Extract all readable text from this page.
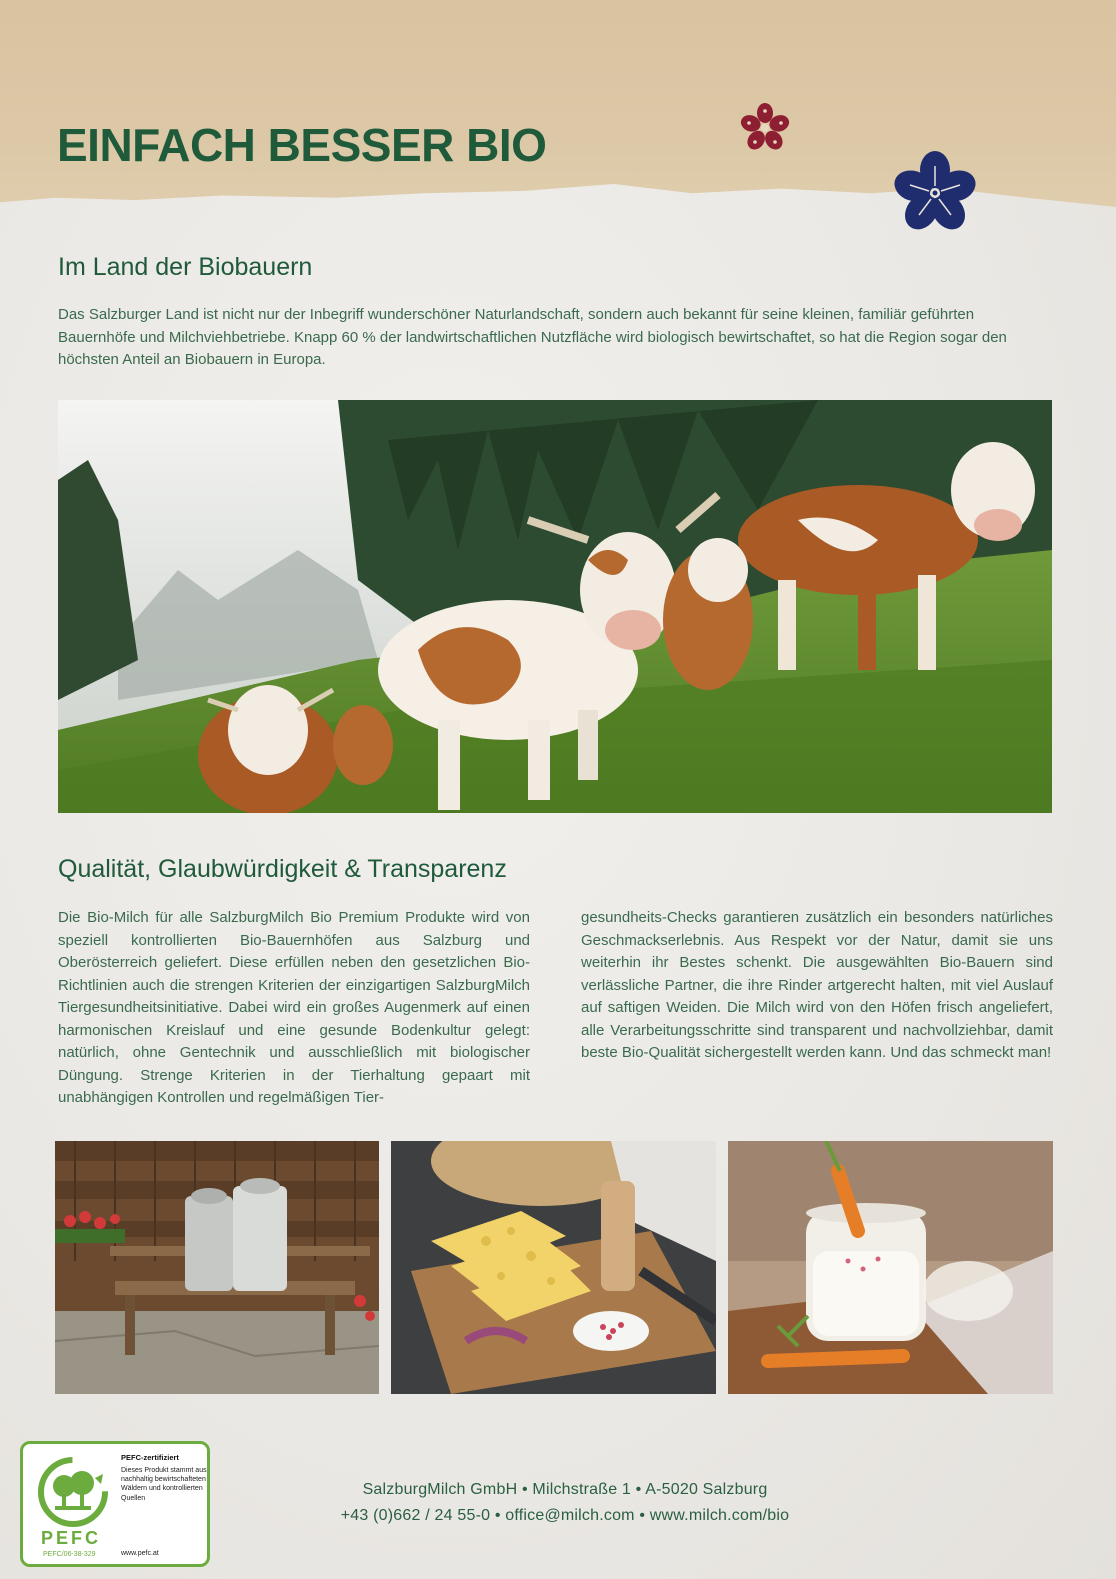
EINFACH BESSER BIO
Im Land der Biobauern

Das Salzburger Land ist nicht nur der Inbegriff wunderschöner Naturlandschaft, sondern auch bekannt für seine kleinen, familiär geführten Bauernhöfe und Milchviehbetriebe. Knapp 60 % der landwirtschaftlichen Nutzfläche wird biologisch bewirtschaftet, so hat die Region sogar den höchsten Anteil an Biobauern in Europa.

Qualität, Glaubwürdigkeit & Transparenz

Die Bio-Milch für alle SalzburgMilch Bio Premium Produkte wird von speziell kontrollierten Bio-Bauernhöfen aus Salzburg und Oberösterreich geliefert. Diese erfüllen neben den gesetzlichen Bio-Richtlinien auch die strengen Kriterien der einzigartigen SalzburgMilch Tiergesundheitsinitiative. Dabei wird ein großes Augenmerk auf einen harmonischen Kreislauf und eine gesunde Bodenkultur gelegt: natürlich, ohne Gentechnik und ausschließlich mit biologischer Düngung. Strenge Kriterien in der Tierhaltung gepaart mit unabhängigen Kontrollen und regelmäßigen Tier-

gesundheits-Checks garantieren zusätzlich ein besonders natürliches Geschmackserlebnis. Aus Respekt vor der Natur, damit sie uns weiterhin ihr Bestes schenkt. Die ausgewählten Bio-Bauern sind verlässliche Partner, die ihre Rinder artgerecht halten, mit viel Auslauf auf saftigen Weiden. Die Milch wird von den Höfen frisch angeliefert, alle Verarbeitungsschritte sind transparent und nachvollziehbar, damit beste Bio-Qualität sichergestellt werden kann. Und das schmeckt man!

PEFC
PEFC/06-38-329
PEFC-zertifiziert
Dieses Produkt stammt aus nachhaltig bewirtschafteten Wäldern und kontrollierten Quellen
www.pefc.at
SalzburgMilch GmbH • Milchstraße 1 • A-5020 Salzburg
+43 (0)662 / 24 55-0 • office@milch.com • www.milch.com/bio
